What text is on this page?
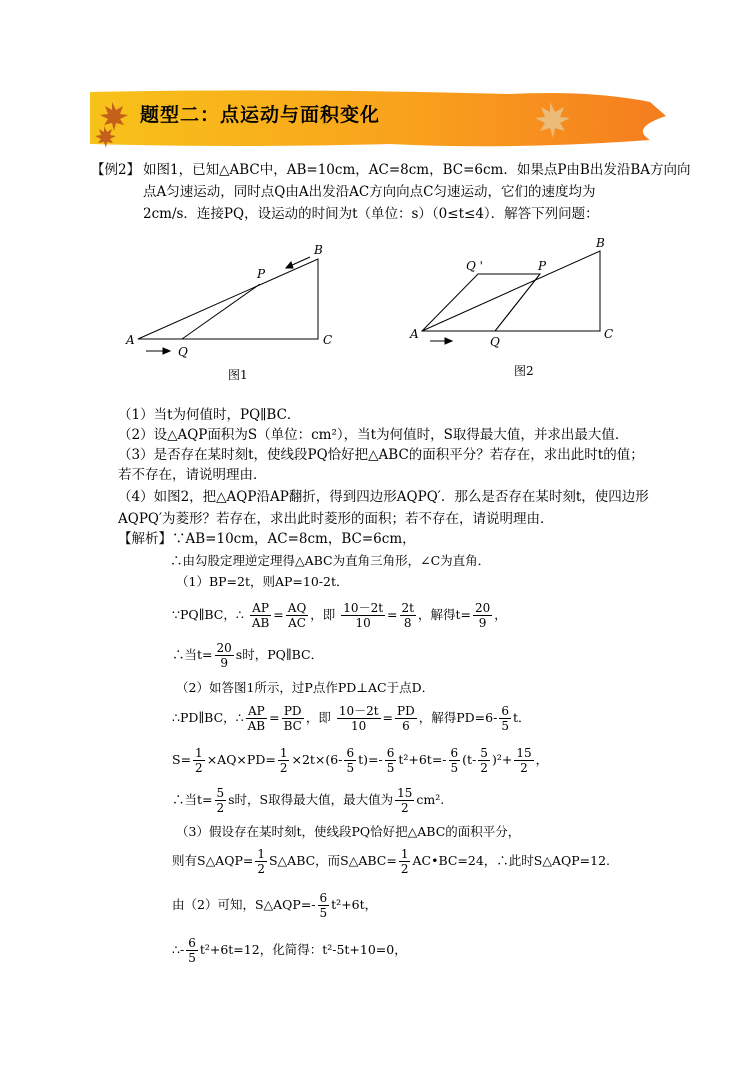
题型二：点运动与面积变化
【例2】 如图1，已知△ABC中，AB=10cm，AC=8cm，BC=6cm．如果点P由B出发沿BA方向向
点A匀速运动，同时点Q由A出发沿AC方向向点C匀速运动，它们的速度均为
2cm/s．连接PQ，设运动的时间为t（单位：s）（0≤t≤4）．解答下列问题：
A
B
C
P
Q
图1
A
B
C
P
Q
Q '
图2
（1）当t为何值时，PQ∥BC．
（2）设△AQP面积为S（单位：cm²），当t为何值时，S取得最大值，并求出最大值．
（3）是否存在某时刻t，使线段PQ恰好把△ABC的面积平分？若存在，求出此时t的值；
若不存在，请说明理由．
（4）如图2，把△AQP沿AP翻折，得到四边形AQPQ′．那么是否存在某时刻t，使四边形
AQPQ′为菱形？若存在，求出此时菱形的面积；若不存在，请说明理由．
【解析】∵AB=10cm，AC=8cm，BC=6cm，
∴由勾股定理逆定理得△ABC为直角三角形，∠C为直角．
（1）BP=2t，则AP=10-2t．
∵PQ∥BC，∴ $\frac{AP}{AB} = \frac{AQ}{AC}$ ，即 $\frac{10-2t}{10} = \frac{2t}{8}$ ，解得$t= \frac{20}{9}$ ，
∴当$t= \frac{20}{9}$ s时，PQ∥BC．
（2）如答图1所示，过P点作PD⊥AC于点D．
∴PD∥BC，∴ $\frac{AP}{AB} = \frac{PD}{BC}$ ，即 $\frac{10-2t}{10} = \frac{PD}{6}$ ，解得$PD=6- \frac{6}{5}$ t．
$S= \frac{1}{2} \times AQ\times PD= \frac{1}{2} \times 2t\times(6- \frac{6}{5} t)=- \frac{6}{5} t^2+6t=- \frac{6}{5} (t- \frac{5}{2} )^2+ \frac{15}{2}$ ，
∴当$t= \frac{5}{2}$ s时，S取得最大值，最大值为 $\frac{15}{2} cm^2$.
（3）假设存在某时刻t，使线段PQ恰好把△ABC的面积平分，
则有S△AQP= $\frac{1}{2}$ S△ABC，而S△ABC= $\frac{1}{2}$ AC•BC=24，∴此时S△AQP=12.
由（2）可知，S△AQP=- $\frac{6}{5} t^2+6t$，
∴- $\frac{6}{5} t^2+6t=12$，化简得：t²-5t+10=0，
